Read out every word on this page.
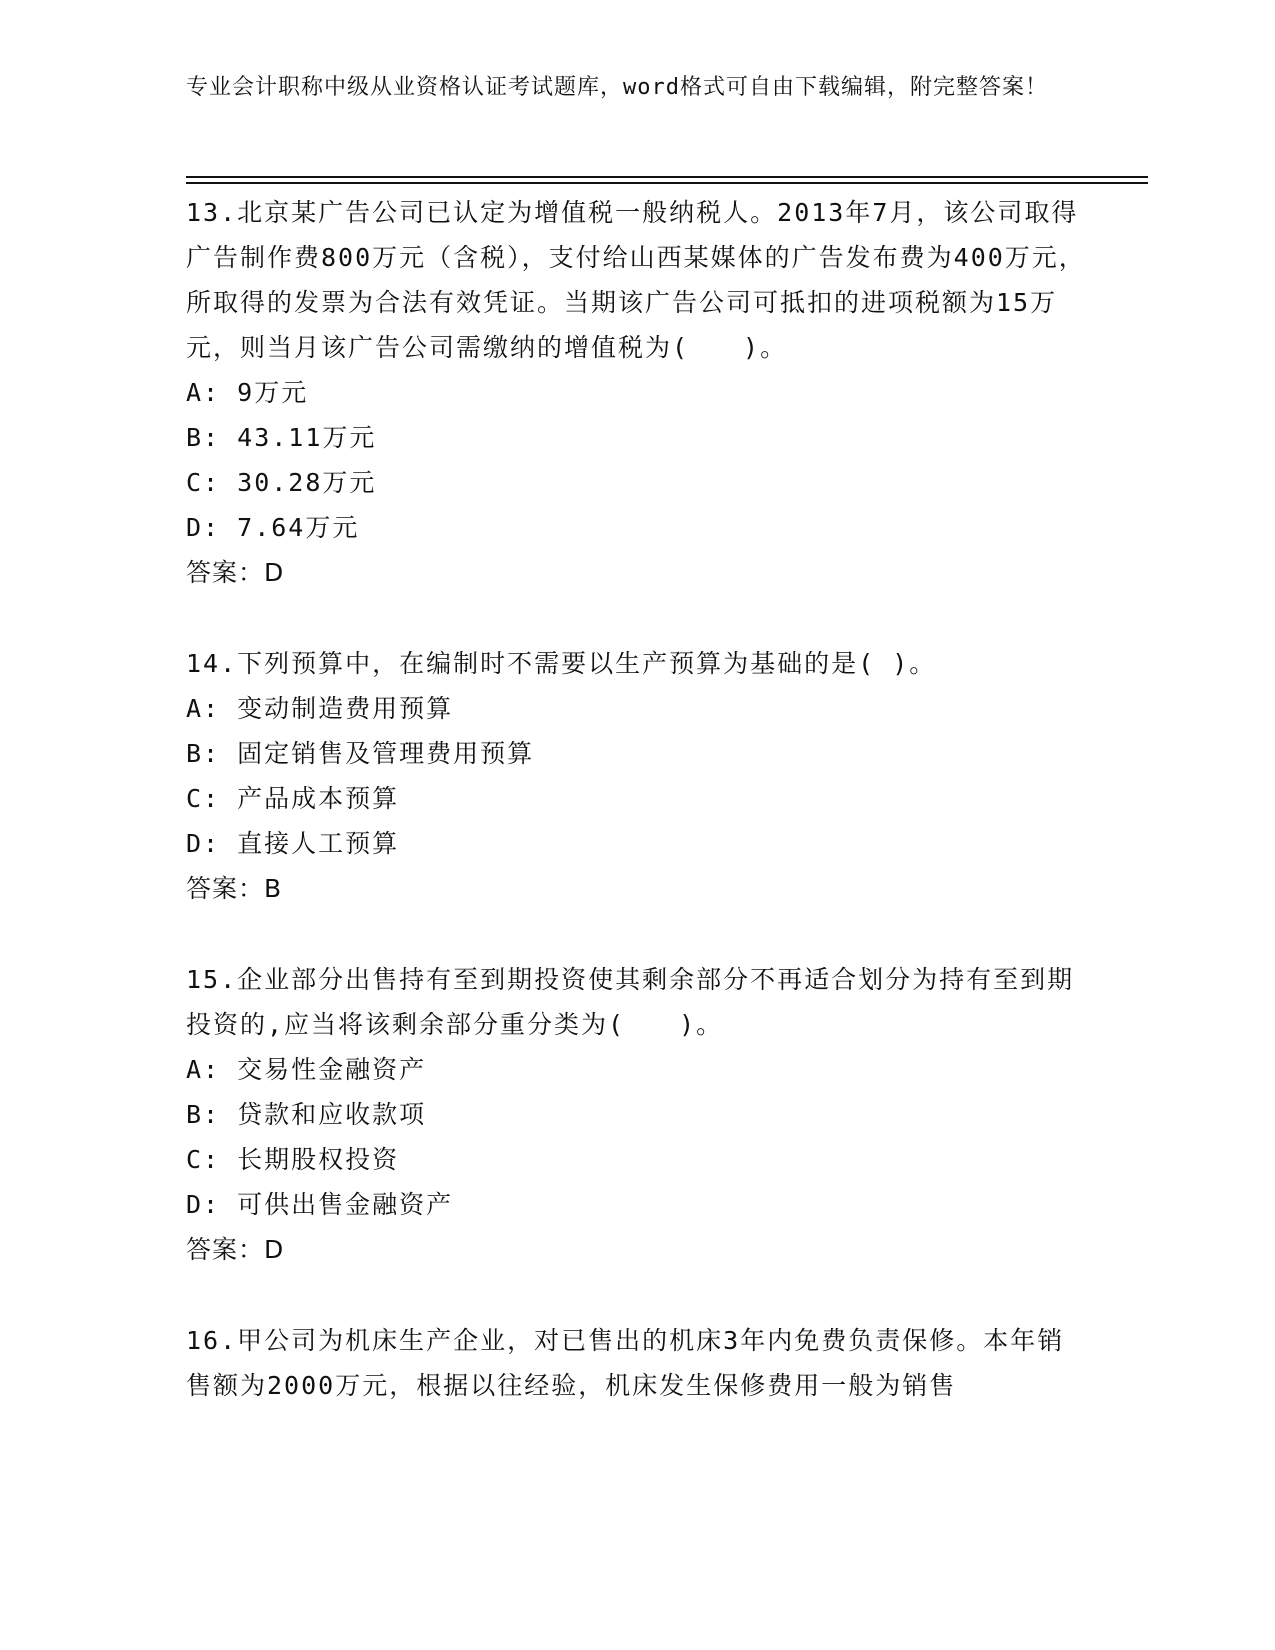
专业会计职称中级从业资格认证考试题库，word格式可自由下载编辑，附完整答案！
13.北京某广告公司已认定为增值税一般纳税人。2013年7月，该公司取得广告制作费800万元（含税），支付给山西某媒体的广告发布费为400万元，所取得的发票为合法有效凭证。当期该广告公司可抵扣的进项税额为15万元，则当月该广告公司需缴纳的增值税为(　　)。
A: 9万元
B: 43.11万元
C: 30.28万元
D: 7.64万元
答案：D
14.下列预算中，在编制时不需要以生产预算为基础的是( )。
A: 变动制造费用预算
B: 固定销售及管理费用预算
C: 产品成本预算
D: 直接人工预算
答案：B
15.企业部分出售持有至到期投资使其剩余部分不再适合划分为持有至到期投资的,应当将该剩余部分重分类为(　　)。
A: 交易性金融资产
B: 贷款和应收款项
C: 长期股权投资
D: 可供出售金融资产
答案：D
16.甲公司为机床生产企业，对已售出的机床3年内免费负责保修。本年销售额为2000万元，根据以往经验，机床发生保修费用一般为销售
